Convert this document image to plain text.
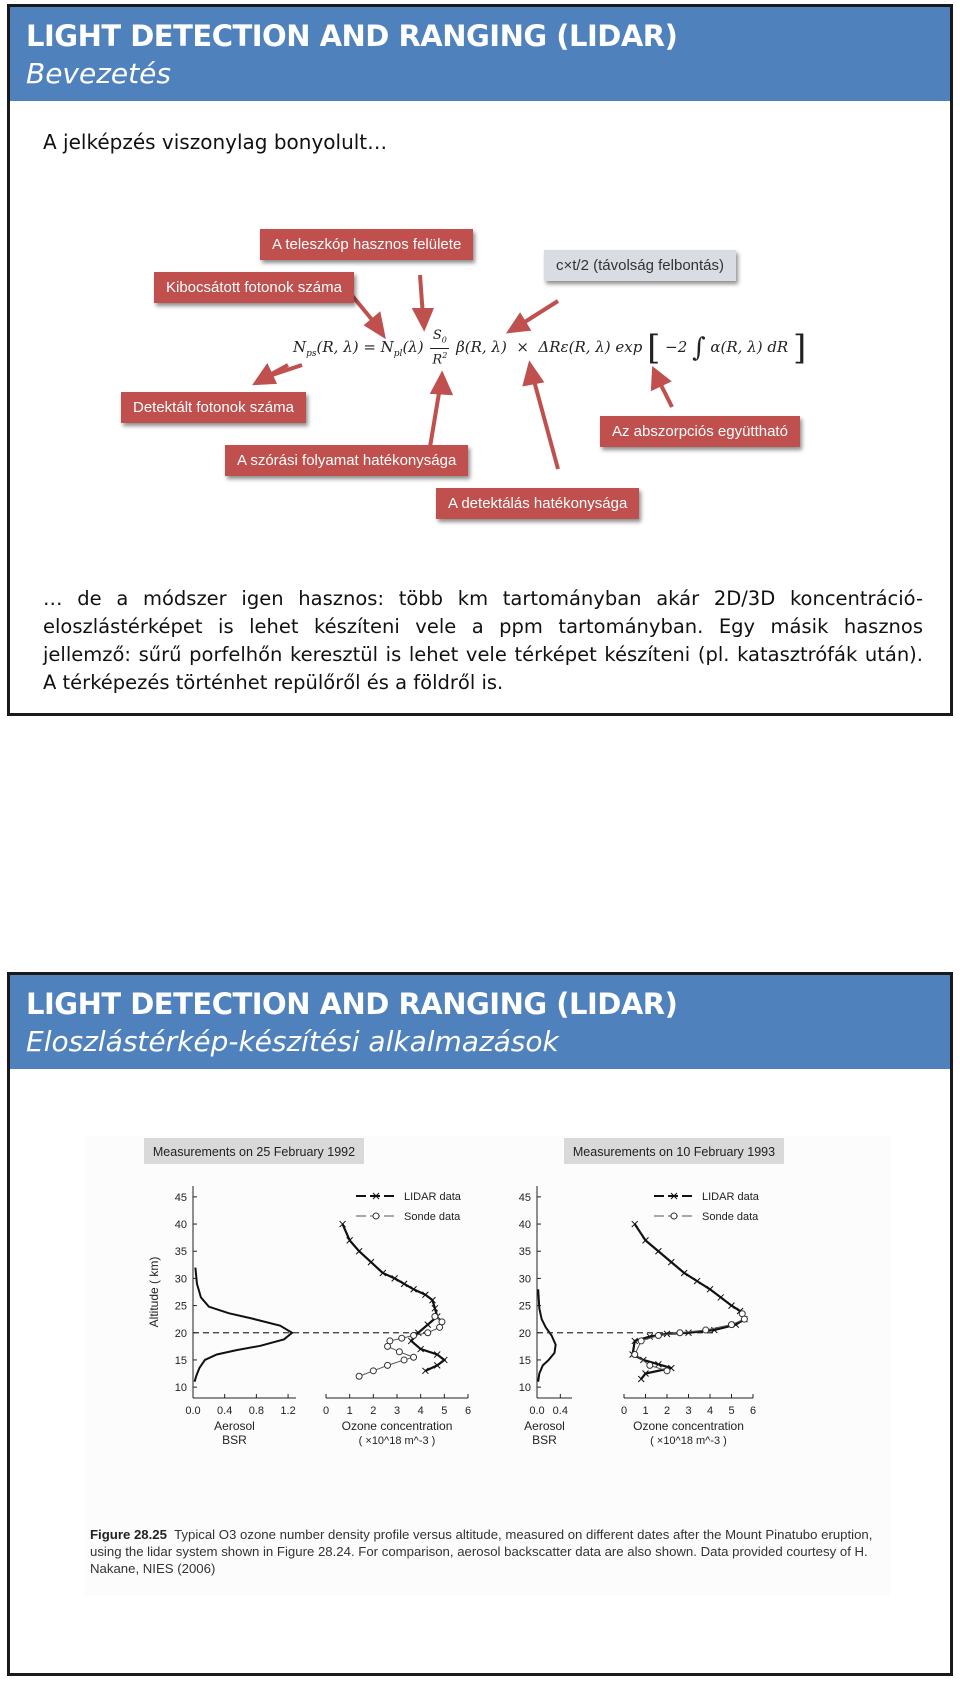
LIGHT DETECTION AND RANGING (LIDAR)
Bevezetés
A jelképzés viszonylag bonyolult…
$N_{ps}(R$, $\lambda) = N_{pl}(\lambda)$ $S_0$
$R^2$ β(R, λ)  ×  ΔRε(R, λ) exp [ −2 ∫ α(R, λ) dR ]
A teleszkóp hasznos felülete
Kibocsátott fotonok száma
c×t/2 (távolság felbontás)
Detektált fotonok száma
Az abszorpciós együttható
A szórási folyamat hatékonysága
A detektálás hatékonysága
… de a módszer igen hasznos: több km tartományban akár 2D/3D koncentráció-eloszlástérképet is lehet készíteni vele a ppm tartományban. Egy másik hasznos jellemző: sűrű porfelhőn keresztül is lehet vele térképet készíteni (pl. katasztrófák után). A térképezés történhet repülőről és a földről is.
LIGHT DETECTION AND RANGING (LIDAR)
Eloszlástérkép-készítési alkalmazások
Measurements on 25 February 1992
10
15
20
25
30
35
40
45
Altitude ( km)
0.0 0.4 0.8 1.2
Aerosol
BSR
0 1 2 3 4 5 6
Ozone concentration
( ×10^18 m^-3 )
LIDAR data
Sonde data
Measurements on 10 February 1993
10
15
20
25
30
35
40
45
0.0 0.4
Aerosol
BSR
0 1 2 3 4 5 6
Ozone concentration
( ×10^18 m^-3 )
LIDAR data
Sonde data
Figure 28.25 Typical O3 ozone number density profile versus altitude, measured on different dates after the Mount Pinatubo eruption, using the lidar system shown in Figure 28.24. For comparison, aerosol backscatter data are also shown. Data provided courtesy of H. Nakane, NIES (2006)
